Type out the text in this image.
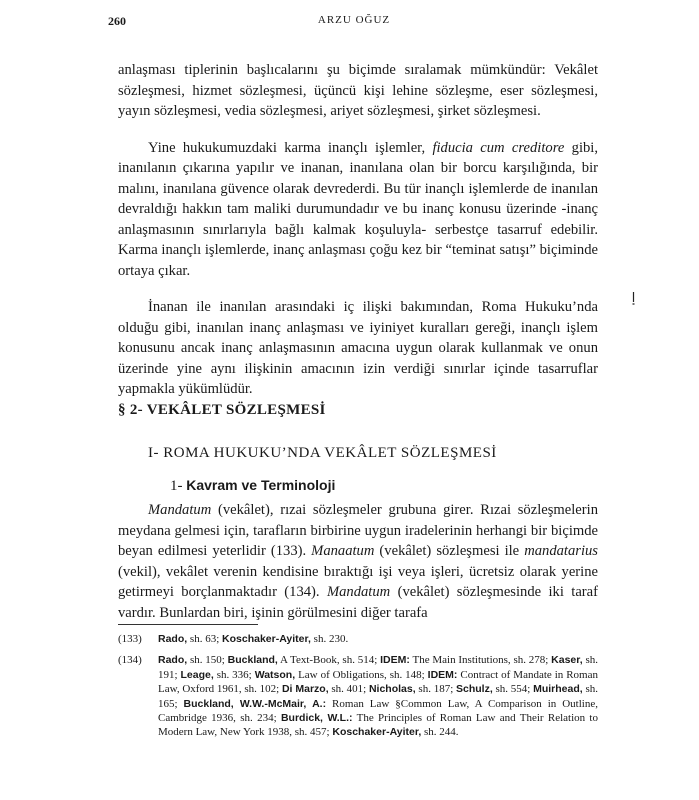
260	ARZU OĞUZ

anlaşması tiplerinin başlıcalarını şu biçimde sıralamak mümkündür: Vekâlet sözleşmesi, hizmet sözleşmesi, üçüncü kişi lehine sözleşme, eser sözleşmesi, yayın sözleşmesi, vedia sözleşmesi, ariyet sözleşmesi, şirket sözleşmesi.

Yine hukukumuzdaki karma inançlı işlemler, fiducia cum creditore gibi, inanılanın çıkarına yapılır ve inanan, inanılana olan bir borcu karşılığında, bir malını, inanılana güvence olarak devrederdi. Bu tür inançlı işlemlerde de inanılan devraldığı hakkın tam maliki durumundadır ve bu inanç konusu üzerinde -inanç anlaşmasının sınırlarıyla bağlı kalmak koşuluyla- serbestçe tasarruf edebilir. Karma inançlı işlemlerde, inanç anlaşması çoğu kez bir “teminat satışı” biçiminde ortaya çıkar.

İnanan ile inanılan arasındaki iç ilişki bakımından, Roma Hukuku’nda olduğu gibi, inanılan inanç anlaşması ve iyiniyet kuralları gereği, inançlı işlem konusunu ancak inanç anlaşmasının amacına uygun olarak kullanmak ve onun üzerinde yine aynı ilişkinin amacının izin verdiği sınırlar içinde tasarruflar yapmakla yükümlüdür.

§ 2- VEKÂLET SÖZLEŞMESİ
I- ROMA HUKUKU’NDA VEKÂLET SÖZLEŞMESİ
1- Kavram ve Terminoloji

Mandatum (vekâlet), rızai sözleşmeler grubuna girer. Rızai sözleşmelerin meydana gelmesi için, tarafların birbirine uygun iradelerinin herhangi bir biçimde beyan edilmesi yeterlidir (133). Manaatum (vekâlet) sözleşmesi ile mandatarius (vekil), vekâlet verenin kendisine bıraktığı işi veya işleri, ücretsiz olarak yerine getirmeyi borçlanmaktadır (134). Mandatum (vekâlet) sözleşmesinde iki taraf vardır. Bunlardan biri, işinin görülmesini diğer tarafa

(133) Rado, sh. 63; Koschaker-Ayiter, sh. 230.

(134) Rado, sh. 150; Buckland, A Text-Book, sh. 514; IDEM: The Main Institutions, sh. 278; Kaser, sh. 191; Leage, sh. 336; Watson, Law of Obligations, sh. 148; IDEM: Contract of Mandate in Roman Law, Oxford 1961, sh. 102; Di Marzo, sh. 401; Nicholas, sh. 187; Schulz, sh. 554; Muirhead, sh. 165; Buckland, W.W.-McMair, A.: Roman Law §Common Law, A Comparison in Outline, Cambridge 1936, sh. 234; Burdick, W.L.: The Principles of Roman Law and Their Relation to Modern Law, New York 1938, sh. 457; Koschaker-Ayiter, sh. 244.
